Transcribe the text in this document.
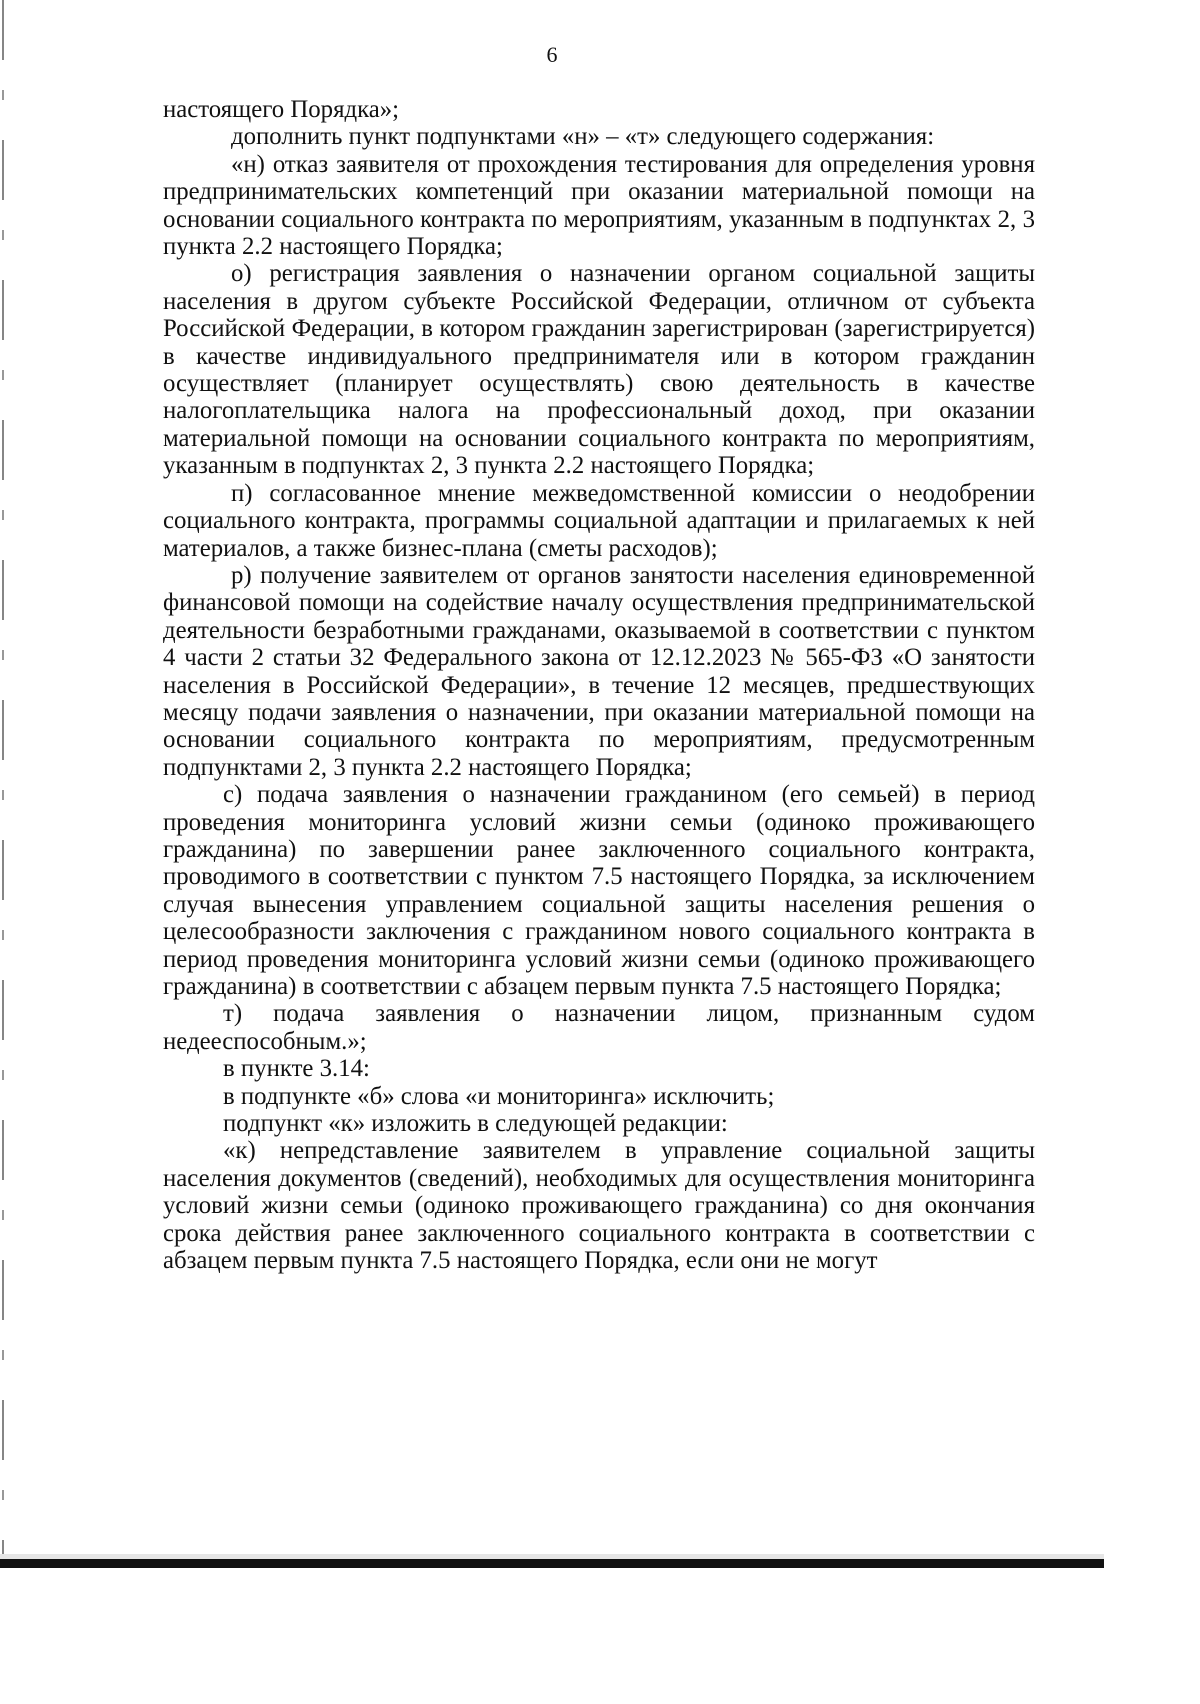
6

настоящего Порядка»;

дополнить пункт подпунктами «н» – «т» следующего содержания:

«н) отказ заявителя от прохождения тестирования для определения уровня предпринимательских компетенций при оказании материальной помощи на основании социального контракта по мероприятиям, указанным в подпунктах 2, 3 пункта 2.2 настоящего Порядка;

о) регистрация заявления о назначении органом социальной защиты населения в другом субъекте Российской Федерации, отличном от субъекта Российской Федерации, в котором гражданин зарегистрирован (зарегистрируется) в качестве индивидуального предпринимателя или в котором гражданин осуществляет (планирует осуществлять) свою деятельность в качестве налогоплательщика налога на профессиональный доход, при оказании материальной помощи на основании социального контракта по мероприятиям, указанным в подпунктах 2, 3 пункта 2.2 настоящего Порядка;

п) согласованное мнение межведомственной комиссии о неодобрении социального контракта, программы социальной адаптации и прилагаемых к ней материалов, а также бизнес-плана (сметы расходов);

р) получение заявителем от органов занятости населения единовременной финансовой помощи на содействие началу осуществления предпринимательской деятельности безработными гражданами, оказываемой в соответствии с пунктом 4 части 2 статьи 32 Федерального закона от 12.12.2023 № 565-ФЗ «О занятости населения в Российской Федерации», в течение 12 месяцев, предшествующих месяцу подачи заявления о назначении, при оказании материальной помощи на основании социального контракта по мероприятиям, предусмотренным подпунктами 2, 3 пункта 2.2 настоящего Порядка;

с) подача заявления о назначении гражданином (его семьей) в период проведения мониторинга условий жизни семьи (одиноко проживающего гражданина) по завершении ранее заключенного социального контракта, проводимого в соответствии с пунктом 7.5 настоящего Порядка, за исключением случая вынесения управлением социальной защиты населения решения о целесообразности заключения с гражданином нового социального контракта в период проведения мониторинга условий жизни семьи (одиноко проживающего гражданина) в соответствии с абзацем первым пункта 7.5 настоящего Порядка;

т) подача заявления о назначении лицом, признанным судом недееспособным.»;

в пункте 3.14:

в подпункте «б» слова «и мониторинга» исключить;

подпункт «к» изложить в следующей редакции:

«к) непредставление заявителем в управление социальной защиты населения документов (сведений), необходимых для осуществления мониторинга условий жизни семьи (одиноко проживающего гражданина) со дня окончания срока действия ранее заключенного социального контракта в соответствии с абзацем первым пункта 7.5 настоящего Порядка, если они не могут
